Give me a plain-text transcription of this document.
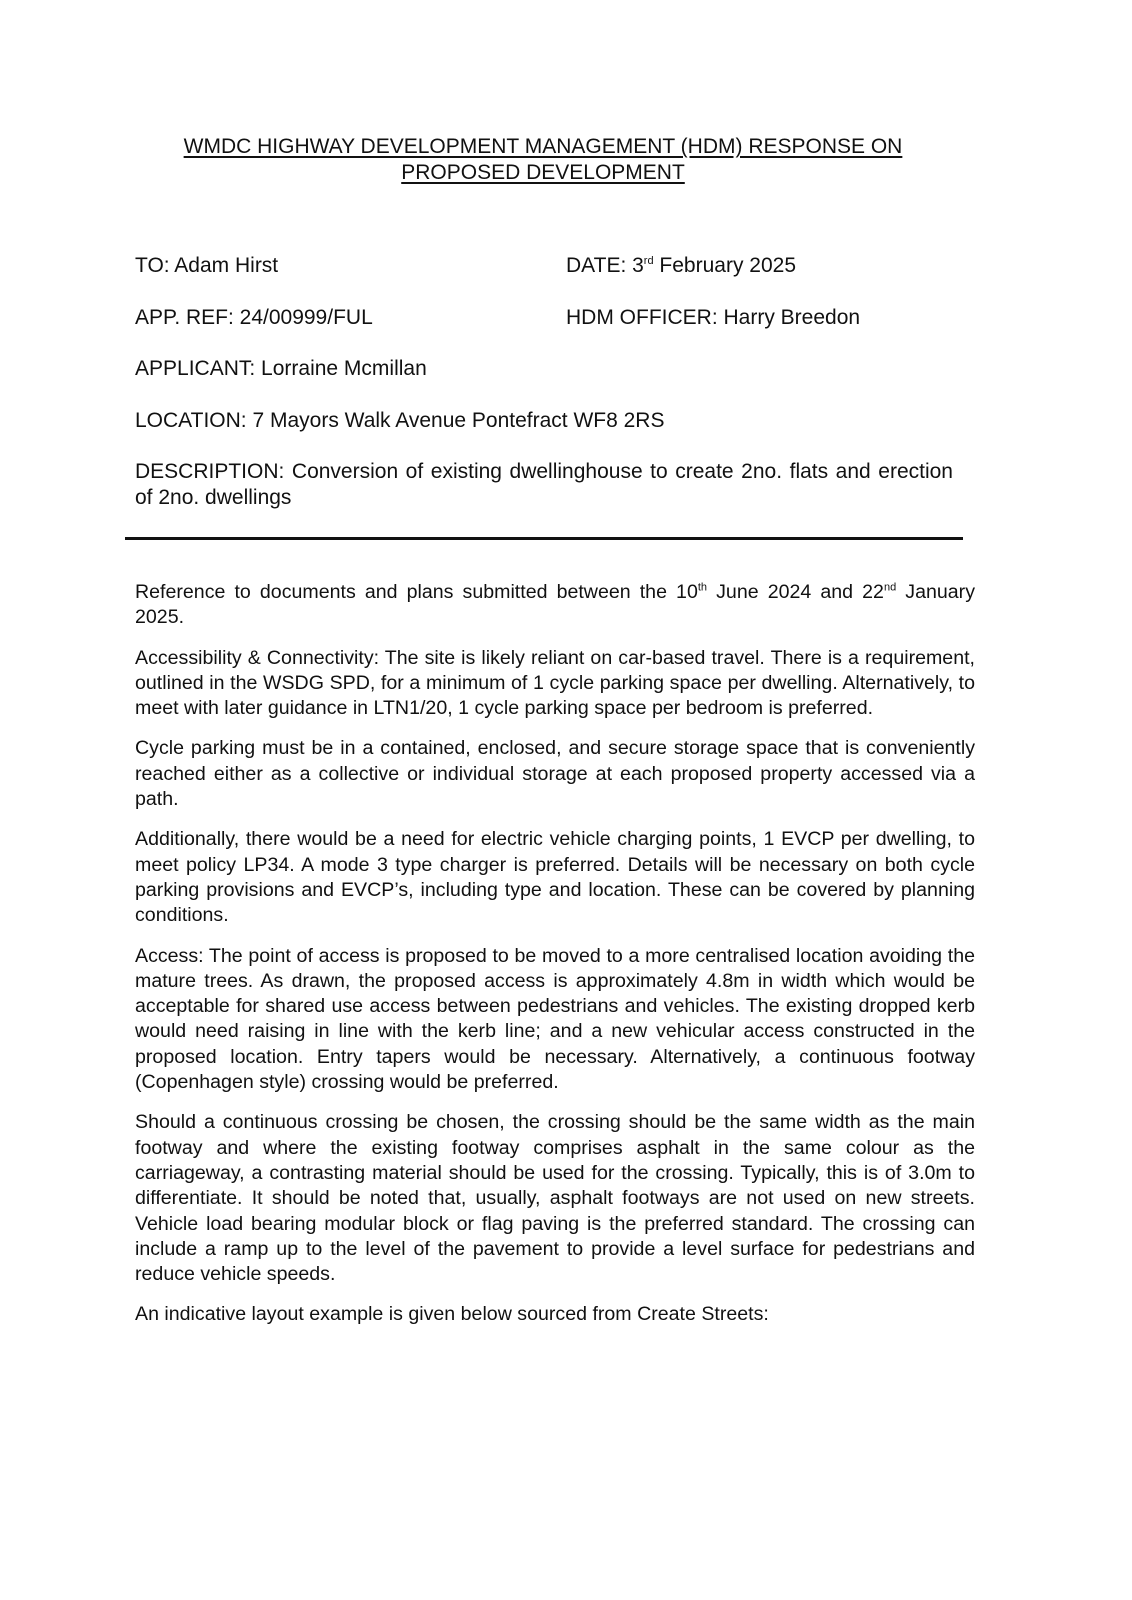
WMDC HIGHWAY DEVELOPMENT MANAGEMENT (HDM) RESPONSE ON
PROPOSED DEVELOPMENT
TO: Adam Hirst	DATE: 3rd February 2025
APP. REF: 24/00999/FUL	HDM OFFICER: Harry Breedon
APPLICANT: Lorraine Mcmillan
LOCATION: 7 Mayors Walk Avenue Pontefract WF8 2RS
DESCRIPTION: Conversion of existing dwellinghouse to create 2no. flats and erection of 2no. dwellings

Reference to documents and plans submitted between the 10th June 2024 and 22nd January 2025.

Accessibility & Connectivity: The site is likely reliant on car-based travel. There is a requirement, outlined in the WSDG SPD, for a minimum of 1 cycle parking space per dwelling. Alternatively, to meet with later guidance in LTN1/20, 1 cycle parking space per bedroom is preferred.

Cycle parking must be in a contained, enclosed, and secure storage space that is conveniently reached either as a collective or individual storage at each proposed property accessed via a path.

Additionally, there would be a need for electric vehicle charging points, 1 EVCP per dwelling, to meet policy LP34. A mode 3 type charger is preferred. Details will be necessary on both cycle parking provisions and EVCP’s, including type and location. These can be covered by planning conditions.

Access: The point of access is proposed to be moved to a more centralised location avoiding the mature trees. As drawn, the proposed access is approximately 4.8m in width which would be acceptable for shared use access between pedestrians and vehicles. The existing dropped kerb would need raising in line with the kerb line; and a new vehicular access constructed in the proposed location. Entry tapers would be necessary. Alternatively, a continuous footway (Copenhagen style) crossing would be preferred.

Should a continuous crossing be chosen, the crossing should be the same width as the main footway and where the existing footway comprises asphalt in the same colour as the carriageway, a contrasting material should be used for the crossing. Typically, this is of 3.0m to differentiate. It should be noted that, usually, asphalt footways are not used on new streets. Vehicle load bearing modular block or flag paving is the preferred standard. The crossing can include a ramp up to the level of the pavement to provide a level surface for pedestrians and reduce vehicle speeds.

An indicative layout example is given below sourced from Create Streets:
